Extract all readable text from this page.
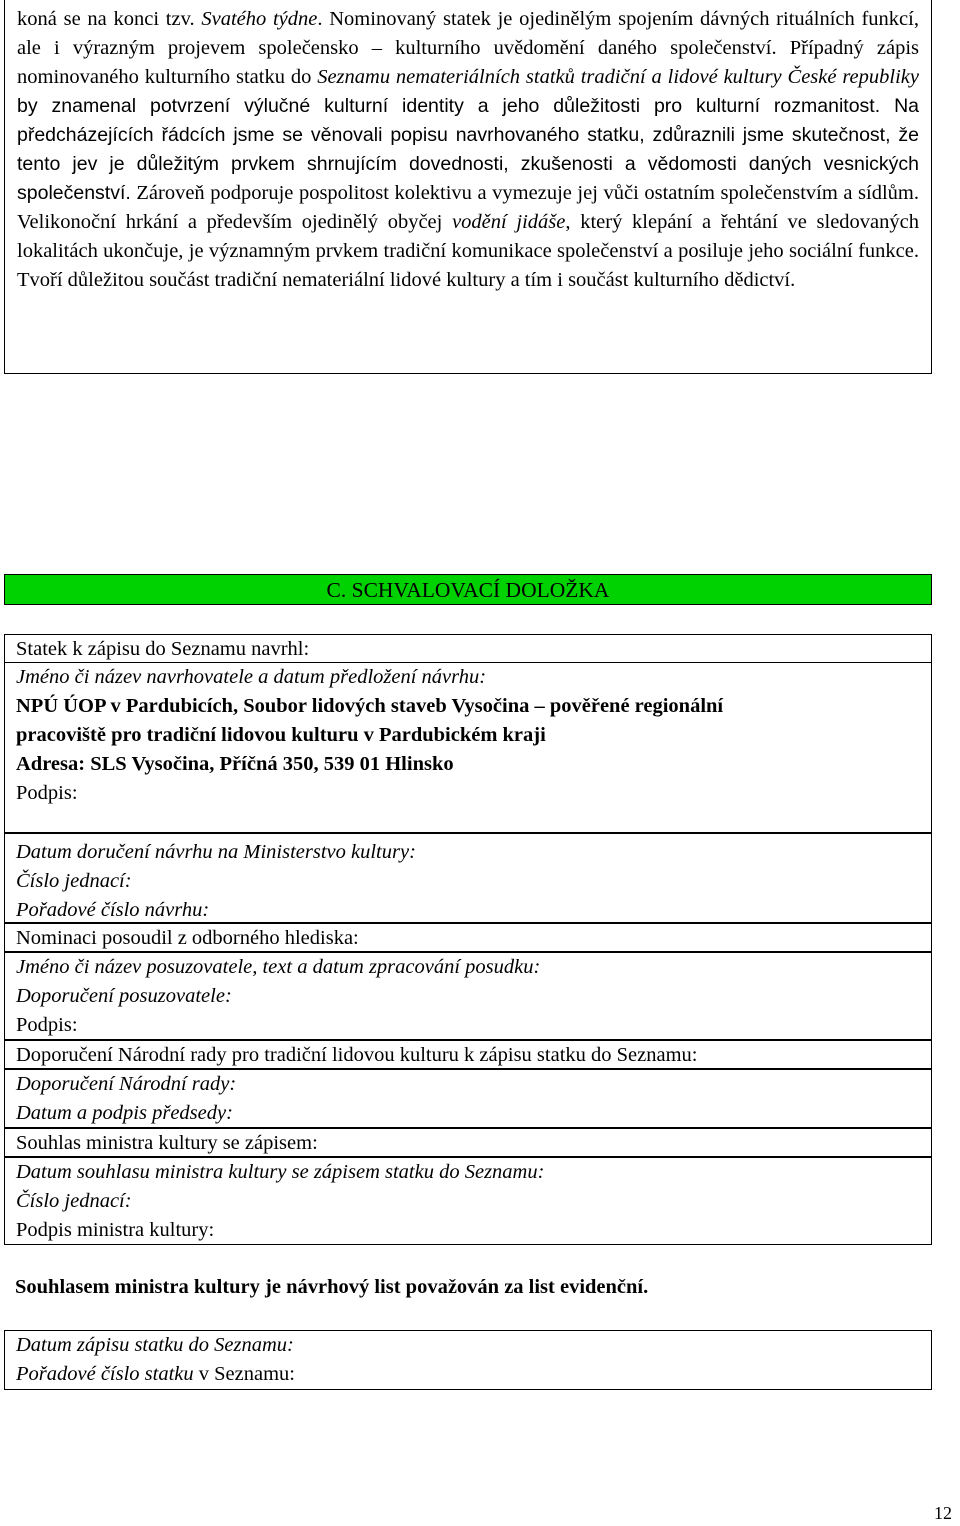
koná se na konci tzv. Svatého týdne. Nominovaný statek je ojedinělým spojením dávných rituálních funkcí, ale i výrazným projevem společensko – kulturního uvědomění daného společenství. Případný zápis nominovaného kulturního statku do Seznamu nemateriálních statků tradiční a lidové kultury České republiky by znamenal potvrzení výlučné kulturní identity a jeho důležitosti pro kulturní rozmanitost. Na předcházejících řádcích jsme se věnovali popisu navrhovaného statku, zdůraznili jsme skutečnost, že tento jev je důležitým prvkem shrnujícím dovednosti, zkušenosti a vědomosti daných vesnických společenství. Zároveň podporuje pospolitost kolektivu a vymezuje jej vůči ostatním společenstvím a sídlům. Velikonoční hrkání a především ojedinělý obyčej vodění jidáše, který klepání a řehtání ve sledovaných lokalitách ukončuje, je významným prvkem tradiční komunikace společenství a posiluje jeho sociální funkce. Tvoří důležitou součást tradiční nemateriální lidové kultury a tím i součást kulturního dědictví.

C. SCHVALOVACÍ DOLOŽKA
Statek k zápisu do Seznamu navrhl:
Jméno či název navrhovatele a datum předložení návrhu:
NPÚ ÚOP v Pardubicích, Soubor lidových staveb Vysočina – pověřené regionální
pracoviště pro tradiční lidovou kulturu v Pardubickém kraji
Adresa: SLS Vysočina, Příčná 350, 539 01 Hlinsko
Podpis:
Datum doručení návrhu na Ministerstvo kultury:
Číslo jednací:
Pořadové číslo návrhu:
Nominaci posoudil z odborného hlediska:
Jméno či název posuzovatele, text a datum zpracování posudku:
Doporučení posuzovatele:
Podpis:
Doporučení Národní rady pro tradiční lidovou kulturu k zápisu statku do Seznamu:
Doporučení Národní rady:
Datum a podpis předsedy:
Souhlas ministra kultury se zápisem:
Datum souhlasu ministra kultury se zápisem statku do Seznamu:
Číslo jednací:
Podpis ministra kultury:
Souhlasem ministra kultury je návrhový list považován za list evidenční.
Datum zápisu statku do Seznamu:
Pořadové číslo statku v Seznamu:
12
